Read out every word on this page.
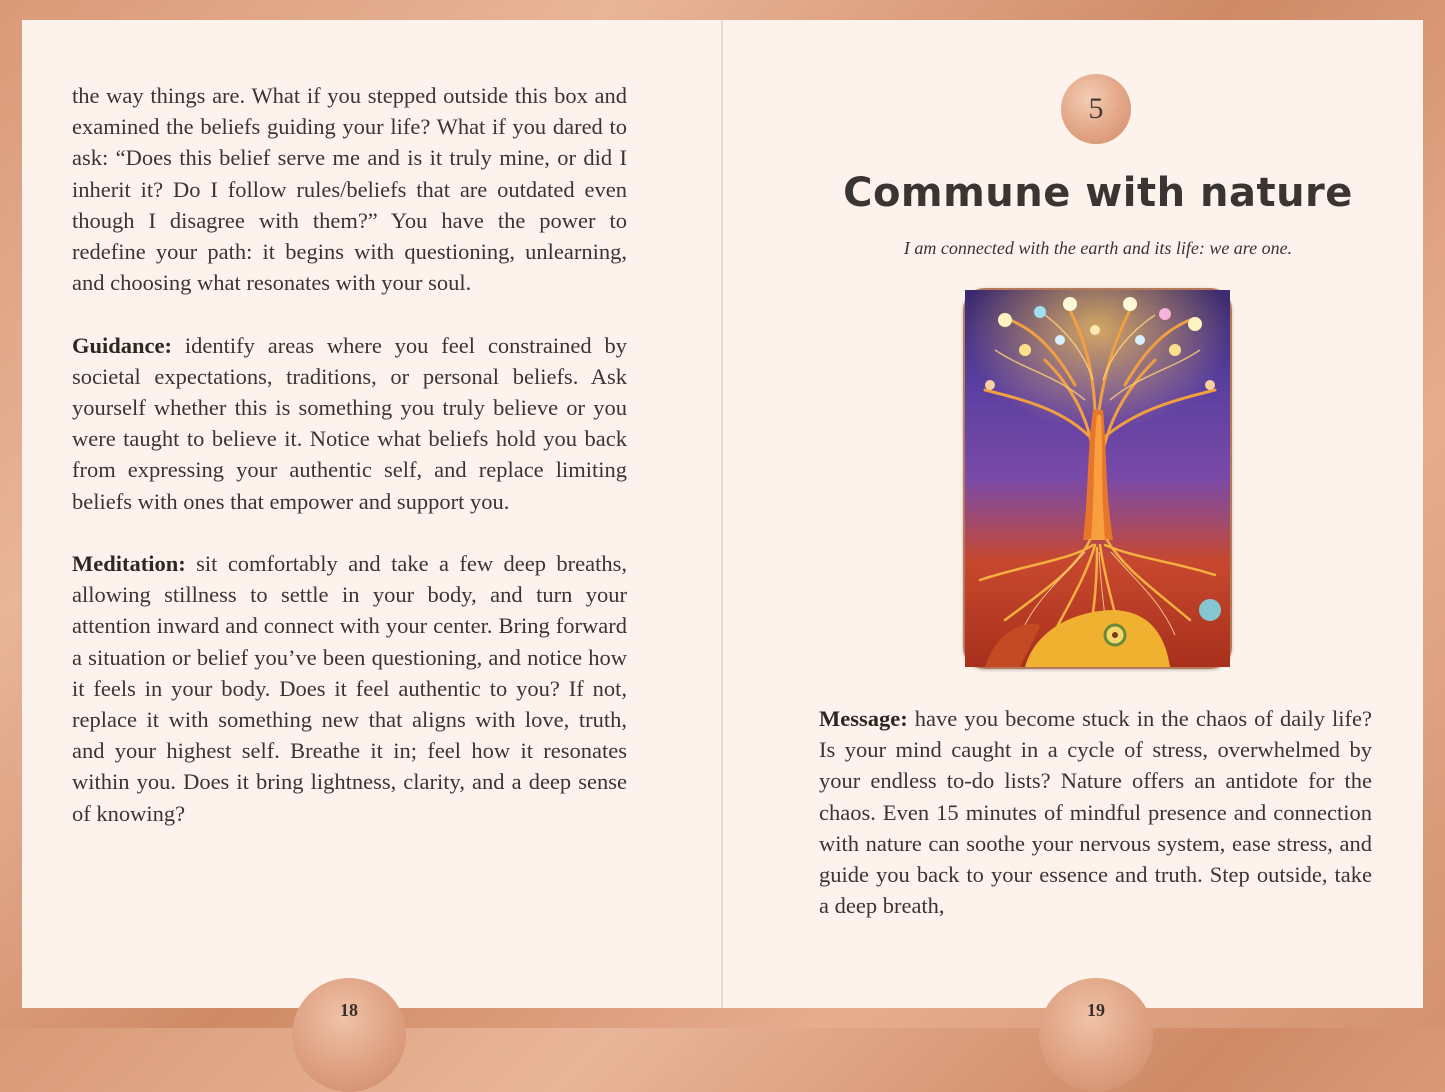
the way things are. What if you stepped outside this box and examined the beliefs guiding your life? What if you dared to ask: “Does this belief serve me and is it truly mine, or did I inherit it? Do I follow rules/beliefs that are outdated even though I disagree with them?” You have the power to redefine your path: it begins with questioning, unlearning, and choosing what resonates with your soul.

Guidance: identify areas where you feel constrained by societal expectations, traditions, or personal beliefs. Ask yourself whether this is something you truly believe or you were taught to believe it. Notice what beliefs hold you back from expressing your authentic self, and replace limiting beliefs with ones that empower and support you.

Meditation: sit comfortably and take a few deep breaths, allowing stillness to settle in your body, and turn your attention inward and connect with your center. Bring forward a situation or belief you’ve been questioning, and notice how it feels in your body. Does it feel authentic to you? If not, replace it with something new that aligns with love, truth, and your highest self. Breathe it in; feel how it resonates within you. Does it bring lightness, clarity, and a deep sense of knowing?

18
5
Commune with nature
I am connected with the earth and its life: we are one.

Message: have you become stuck in the chaos of daily life? Is your mind caught in a cycle of stress, overwhelmed by your endless to-do lists? Nature offers an antidote for the chaos. Even 15 minutes of mindful presence and connection with nature can soothe your nervous system, ease stress, and guide you back to your essence and truth. Step outside, take a deep breath,

19
